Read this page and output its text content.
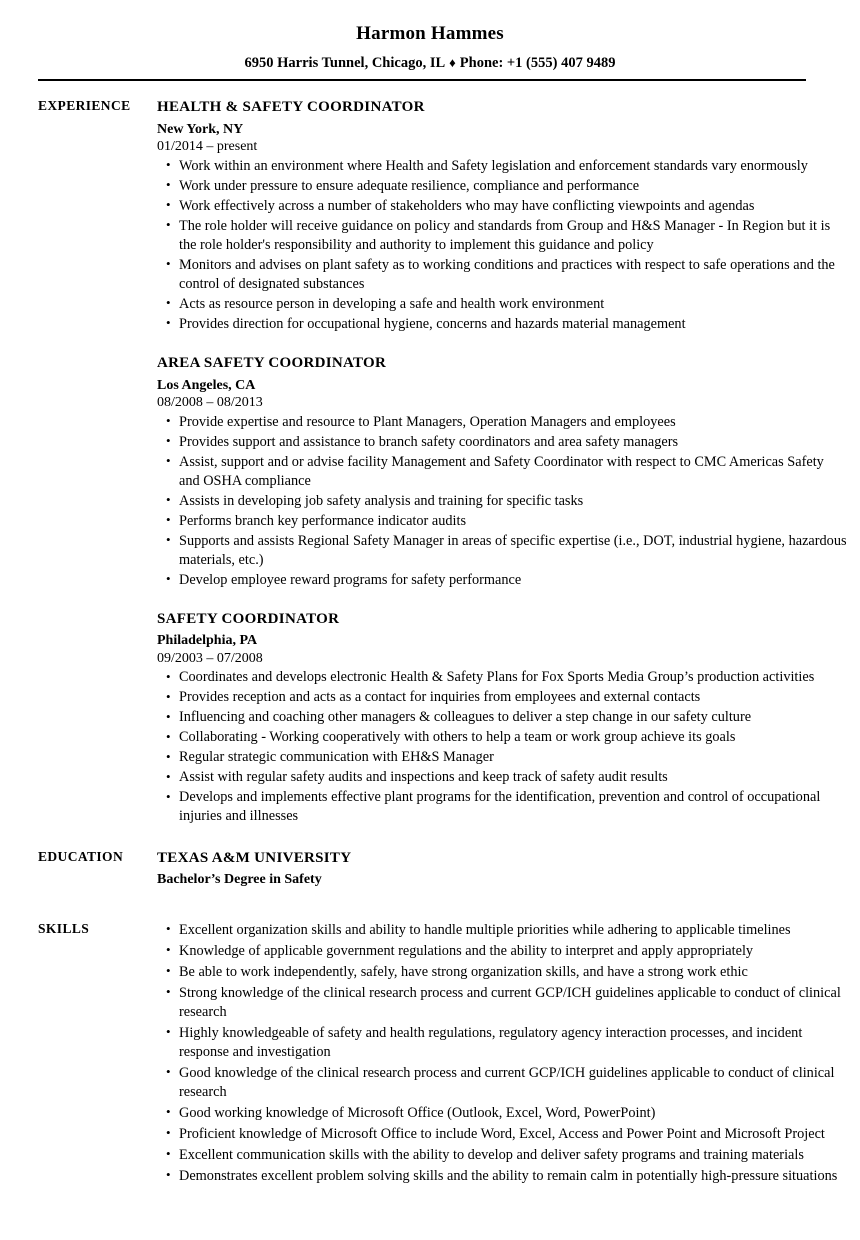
Harmon Hammes
6950 Harris Tunnel, Chicago, IL ♦ Phone: +1 (555) 407 9489
EXPERIENCE	HEALTH & SAFETY COORDINATOR
New York, NY
01/2014 – present
• Work within an environment where Health and Safety legislation and enforcement standards vary enormously
• Work under pressure to ensure adequate resilience, compliance and performance
• Work effectively across a number of stakeholders who may have conflicting viewpoints and agendas
• The role holder will receive guidance on policy and standards from Group and H&S Manager - In Region but it is the role holder's responsibility and authority to implement this guidance and policy
• Monitors and advises on plant safety as to working conditions and practices with respect to safe operations and the control of designated substances
• Acts as resource person in developing a safe and health work environment
• Provides direction for occupational hygiene, concerns and hazards material management
AREA SAFETY COORDINATOR
Los Angeles, CA
08/2008 – 08/2013
• Provide expertise and resource to Plant Managers, Operation Managers and employees
• Provides support and assistance to branch safety coordinators and area safety managers
• Assist, support and or advise facility Management and Safety Coordinator with respect to CMC Americas Safety and OSHA compliance
• Assists in developing job safety analysis and training for specific tasks
• Performs branch key performance indicator audits
• Supports and assists Regional Safety Manager in areas of specific expertise (i.e., DOT, industrial hygiene, hazardous materials, etc.)
• Develop employee reward programs for safety performance
SAFETY COORDINATOR
Philadelphia, PA
09/2003 – 07/2008
• Coordinates and develops electronic Health & Safety Plans for Fox Sports Media Group’s production activities
• Provides reception and acts as a contact for inquiries from employees and external contacts
• Influencing and coaching other managers & colleagues to deliver a step change in our safety culture
• Collaborating - Working cooperatively with others to help a team or work group achieve its goals
• Regular strategic communication with EH&S Manager
• Assist with regular safety audits and inspections and keep track of safety audit results
• Develops and implements effective plant programs for the identification, prevention and control of occupational injuries and illnesses
EDUCATION	TEXAS A&M UNIVERSITY
Bachelor’s Degree in Safety
SKILLS	• Excellent organization skills and ability to handle multiple priorities while adhering to applicable timelines
• Knowledge of applicable government regulations and the ability to interpret and apply appropriately
• Be able to work independently, safely, have strong organization skills, and have a strong work ethic
• Strong knowledge of the clinical research process and current GCP/ICH guidelines applicable to conduct of clinical research
• Highly knowledgeable of safety and health regulations, regulatory agency interaction processes, and incident response and investigation
• Good knowledge of the clinical research process and current GCP/ICH guidelines applicable to conduct of clinical research
• Good working knowledge of Microsoft Office (Outlook, Excel, Word, PowerPoint)
• Proficient knowledge of Microsoft Office to include Word, Excel, Access and Power Point and Microsoft Project
• Excellent communication skills with the ability to develop and deliver safety programs and training materials
• Demonstrates excellent problem solving skills and the ability to remain calm in potentially high-pressure situations
